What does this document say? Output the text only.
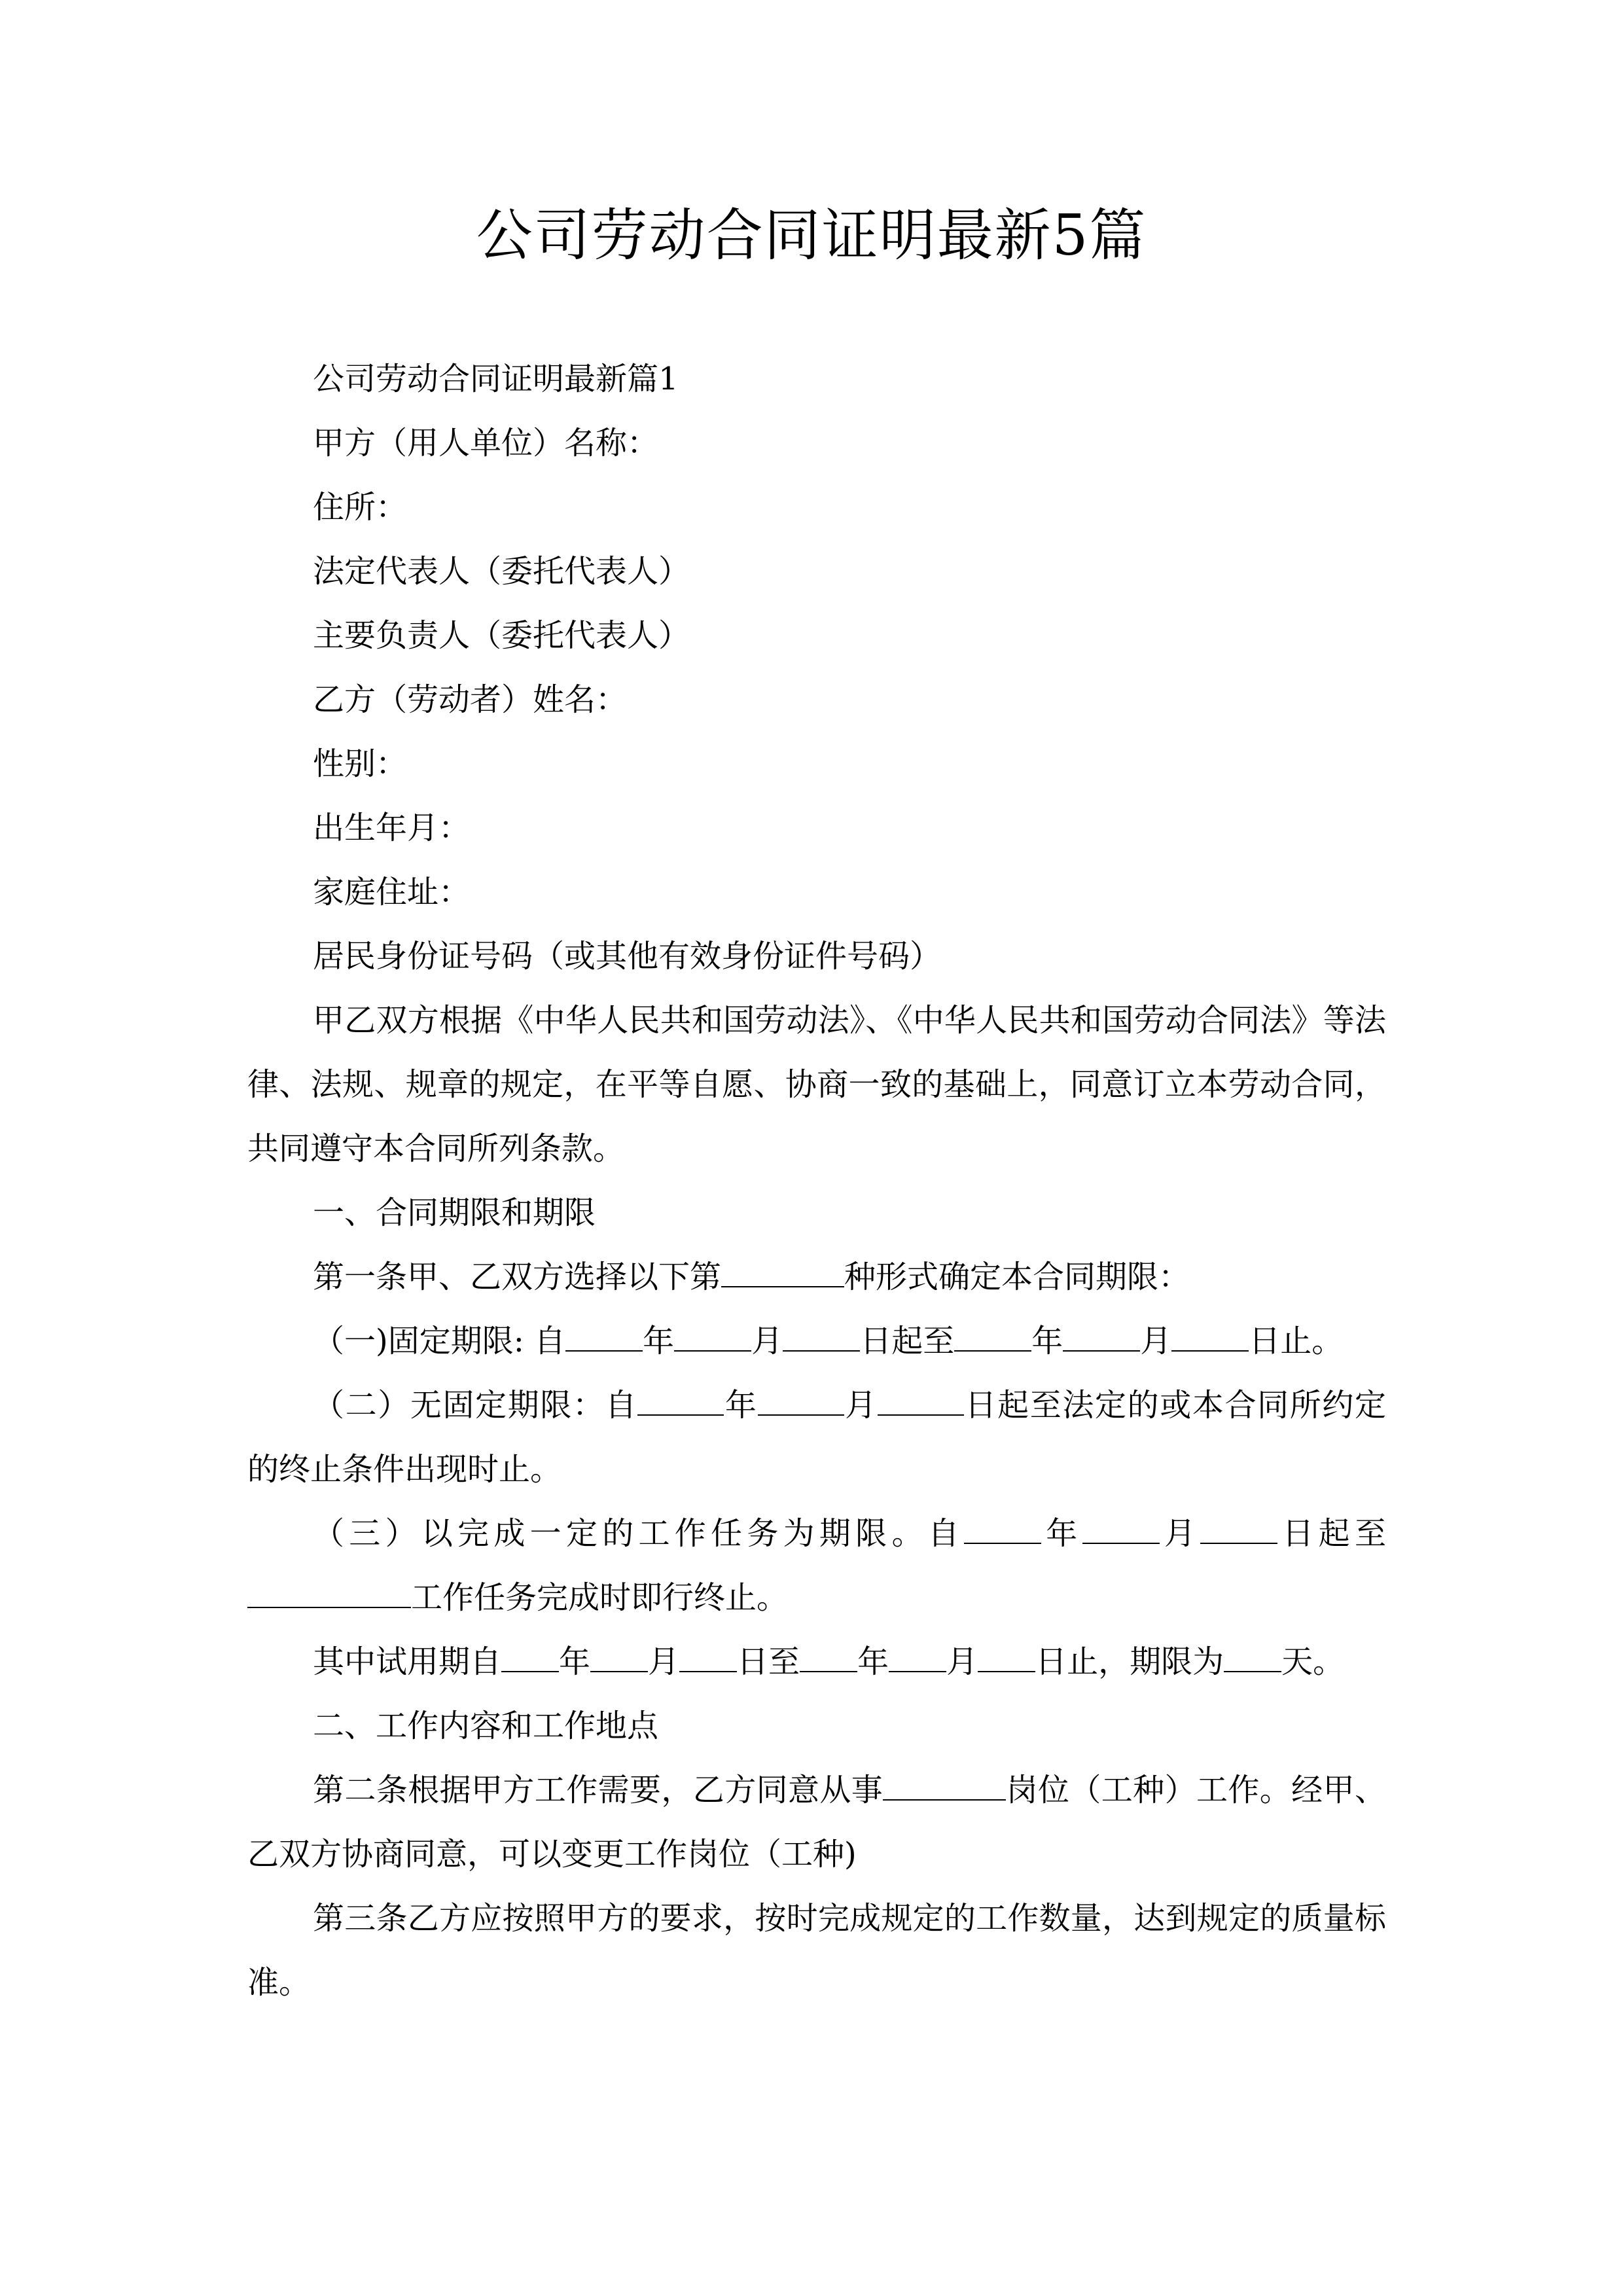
公司劳动合同证明最新5篇

公司劳动合同证明最新篇1

甲方（用人单位）名称：

住所：

法定代表人（委托代表人）

主要负责人（委托代表人）

乙方（劳动者）姓名：

性别：

出生年月：

家庭住址：

居民身份证号码（或其他有效身份证件号码）

甲乙双方根据《中华人民共和国劳动法》、《中华人民共和国劳动合同法》等法律、法规、规章的规定，在平等自愿、协商一致的基础上，同意订立本劳动合同，共同遵守本合同所列条款。

一、合同期限和期限

第一条甲、乙双方选择以下第	种形式确定本合同期限：

（一)固定期限: 自 年 月 日起至 年 月 日止。

（二）无固定期限：自	年	月	日起至法定的或本合同所约定的终止条件出现时止。

（三）以完成一定的工作任务为期限。自 年 月 日起至工作任务完成时即行终止。

其中试用期自 年 月 日至 年 月 日止，期限为 天。

二、工作内容和工作地点

第二条根据甲方工作需要，乙方同意从事	岗位（工种）工作。经甲、乙双方协商同意，可以变更工作岗位（工种)

第三条乙方应按照甲方的要求，按时完成规定的工作数量，达到规定的质量标准。
